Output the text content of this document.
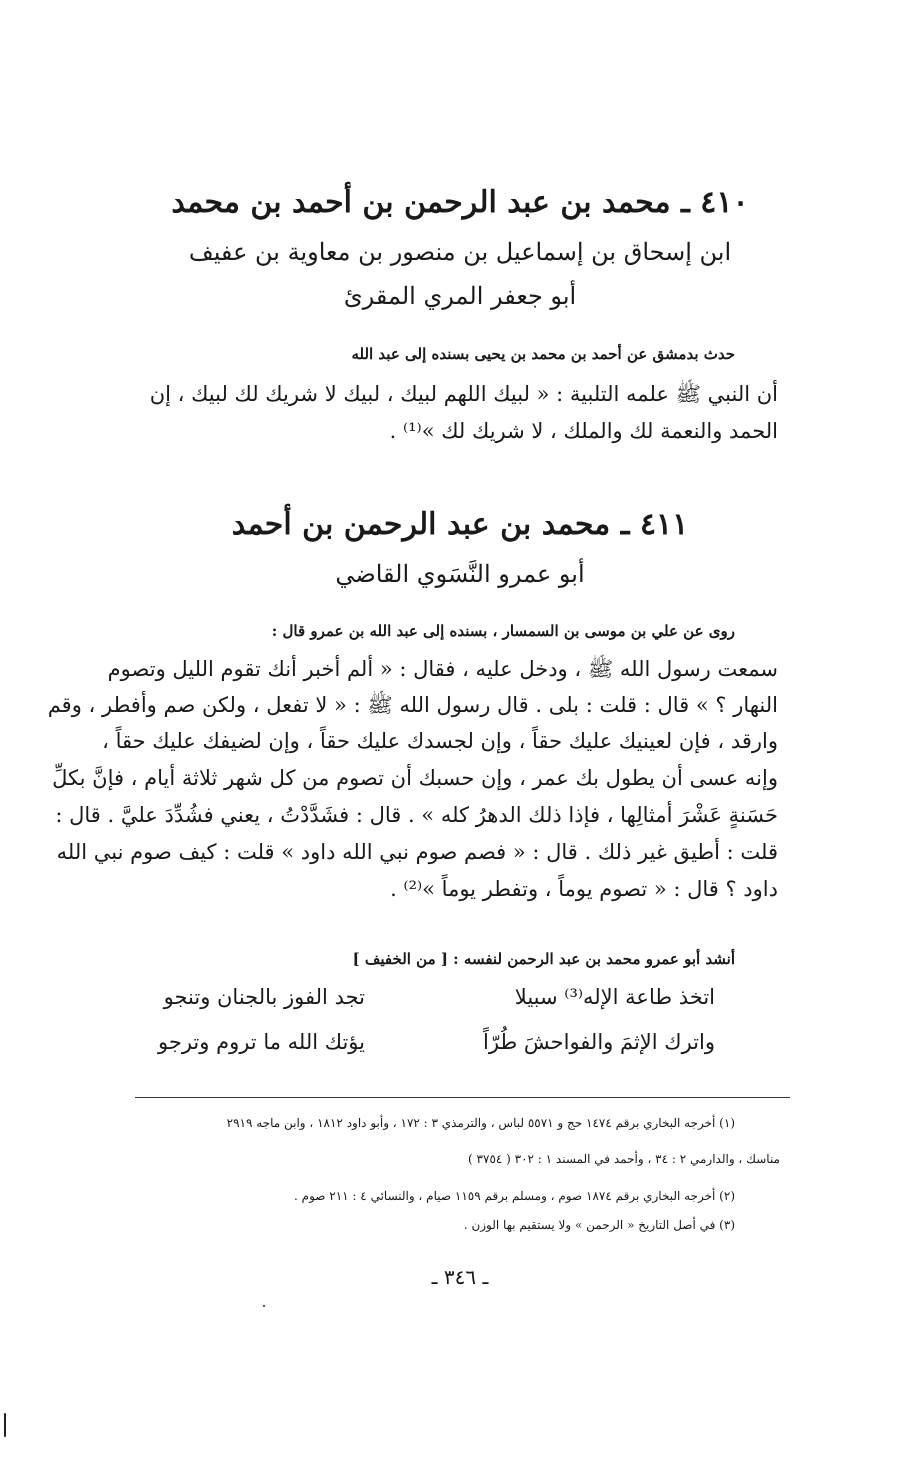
٤١٠ ـ محمد بن عبد الرحمن بن أحمد بن محمد
ابن إسحاق بن إسماعيل بن منصور بن معاوية بن عفيف
أبو جعفر المري المقرئ
حدث بدمشق عن أحمد بن محمد بن يحيى بسنده إلى عبد الله
أن النبي ﷺ علمه التلبية : « لبيك اللهم لبيك ، لبيك لا شريك لك لبيك ، إن
الحمد والنعمة لك والملك ، لا شريك لك »⁽¹⁾ .
٤١١ ـ محمد بن عبد الرحمن بن أحمد
أبو عمرو النَّسَوي القاضي
روى عن علي بن موسى بن السمسار ، بسنده إلى عبد الله بن عمرو قال :
سمعت رسول الله ﷺ ، ودخل عليه ، فقال : « ألم أخبر أنك تقوم الليل وتصوم
النهار ؟ » قال : قلت : بلى . قال رسول الله ﷺ : « لا تفعل ، ولكن صم وأفطر ، وقم
وارقد ، فإن لعينيك عليك حقاً ، وإن لجسدك عليك حقاً ، وإن لضيفك عليك حقاً ،
وإنه عسى أن يطول بك عمر ، وإن حسبك أن تصوم من كل شهر ثلاثة أيام ، فإنَّ بكلِّ
حَسَنةٍ عَشْرَ أمثالِها ، فإذا ذلك الدهرُ كله » . قال : فشَدَّدْتُ ، يعني فشُدِّدَ عليَّ . قال :
قلت : أطيق غير ذلك . قال : « فصم صوم نبي الله داود » قلت : كيف صوم نبي الله
داود ؟ قال : « تصوم يوماً ، وتفطر يوماً »⁽²⁾ .
أنشد أبو عمرو محمد بن عبد الرحمن لنفسه : [ من الخفيف ]
اتخذ طاعة الإله⁽³⁾ سبيلا
تجد الفوز بالجنان وتنجو
واترك الإثمَ والفواحشَ طُرّاً
يؤتك الله ما تروم وترجو
(١) أخرجه البخاري برقم ١٤٧٤ حج و ٥٥٧١ لباس ، والترمذي ٣ : ١٧٢ ، وأبو داود ١٨١٢ ، وابن ماجه ٢٩١٩
مناسك ، والدارمي ٢ : ٣٤ ، وأحمد في المسند ١ : ٣٠٢ ( ٣٧٥٤ )
(٢) أخرجه البخاري برقم ١٨٧٤ صوم ، ومسلم برقم ١١٥٩ صيام ، والنسائي ٤ : ٢١١ صوم .
(٣) في أصل التاريخ « الرحمن » ولا يستقيم بها الوزن .
ـ ٣٤٦ ـ
